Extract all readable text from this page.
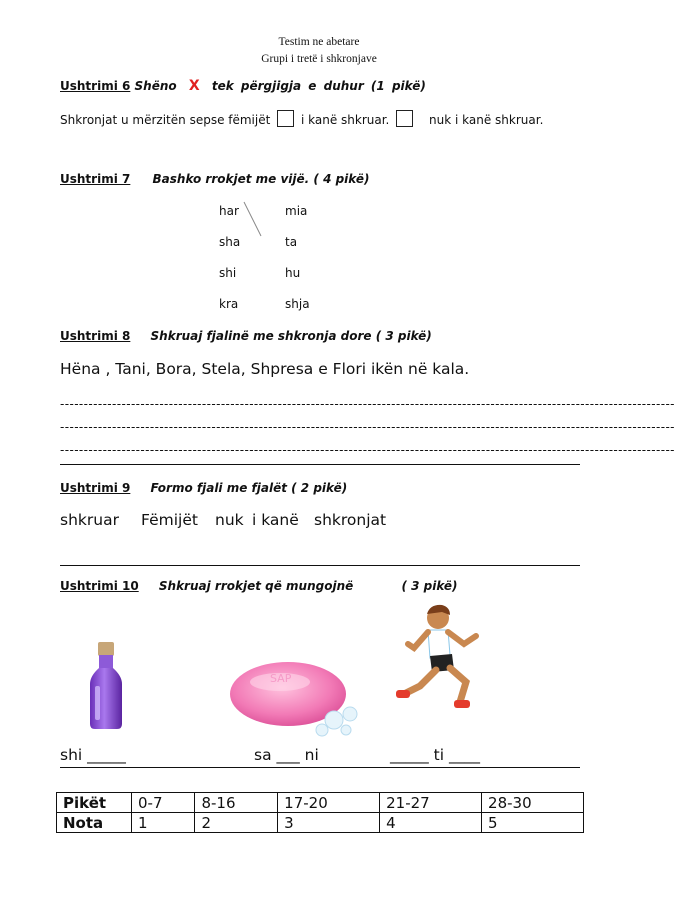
Testim ne abetare
Grupi i tretë i shkronjave
Ushtrimi 6 Shëno X tek përgjigja e duhur (1 pikë)
Shkronjat u mërzitën sepse fëmijët	i kanë shkruar.	nuk i kanë shkruar.
Ushtrimi 7 Bashko rrokjet me vijë. ( 4 pikë)
har
sha
shi
kra
mia
ta
hu
shja
Ushtrimi 8 Shkruaj fjalinë me shkronja dore ( 3 pikë)
Hëna , Tani, Bora, Stela, Shpresa e Flori ikën në kala.
----------------------------------------------------------------------------------------------------------------------------------
----------------------------------------------------------------------------------------------------------------------------------
----------------------------------------------------------------------------------------------------------------------------------
Ushtrimi 9 Formo fjali me fjalët ( 2 pikë)
shkruar Fëmijët nuk i kanë shkronjat
Ushtrimi 10 Shkruaj rrokjet që mungojnë	( 3 pikë)
SAP
shi _____	sa ___ ni	_____ ti ____
Pikët	0-7	8-16	17-20	21-27	28-30
Nota	1	2	3	4	5
